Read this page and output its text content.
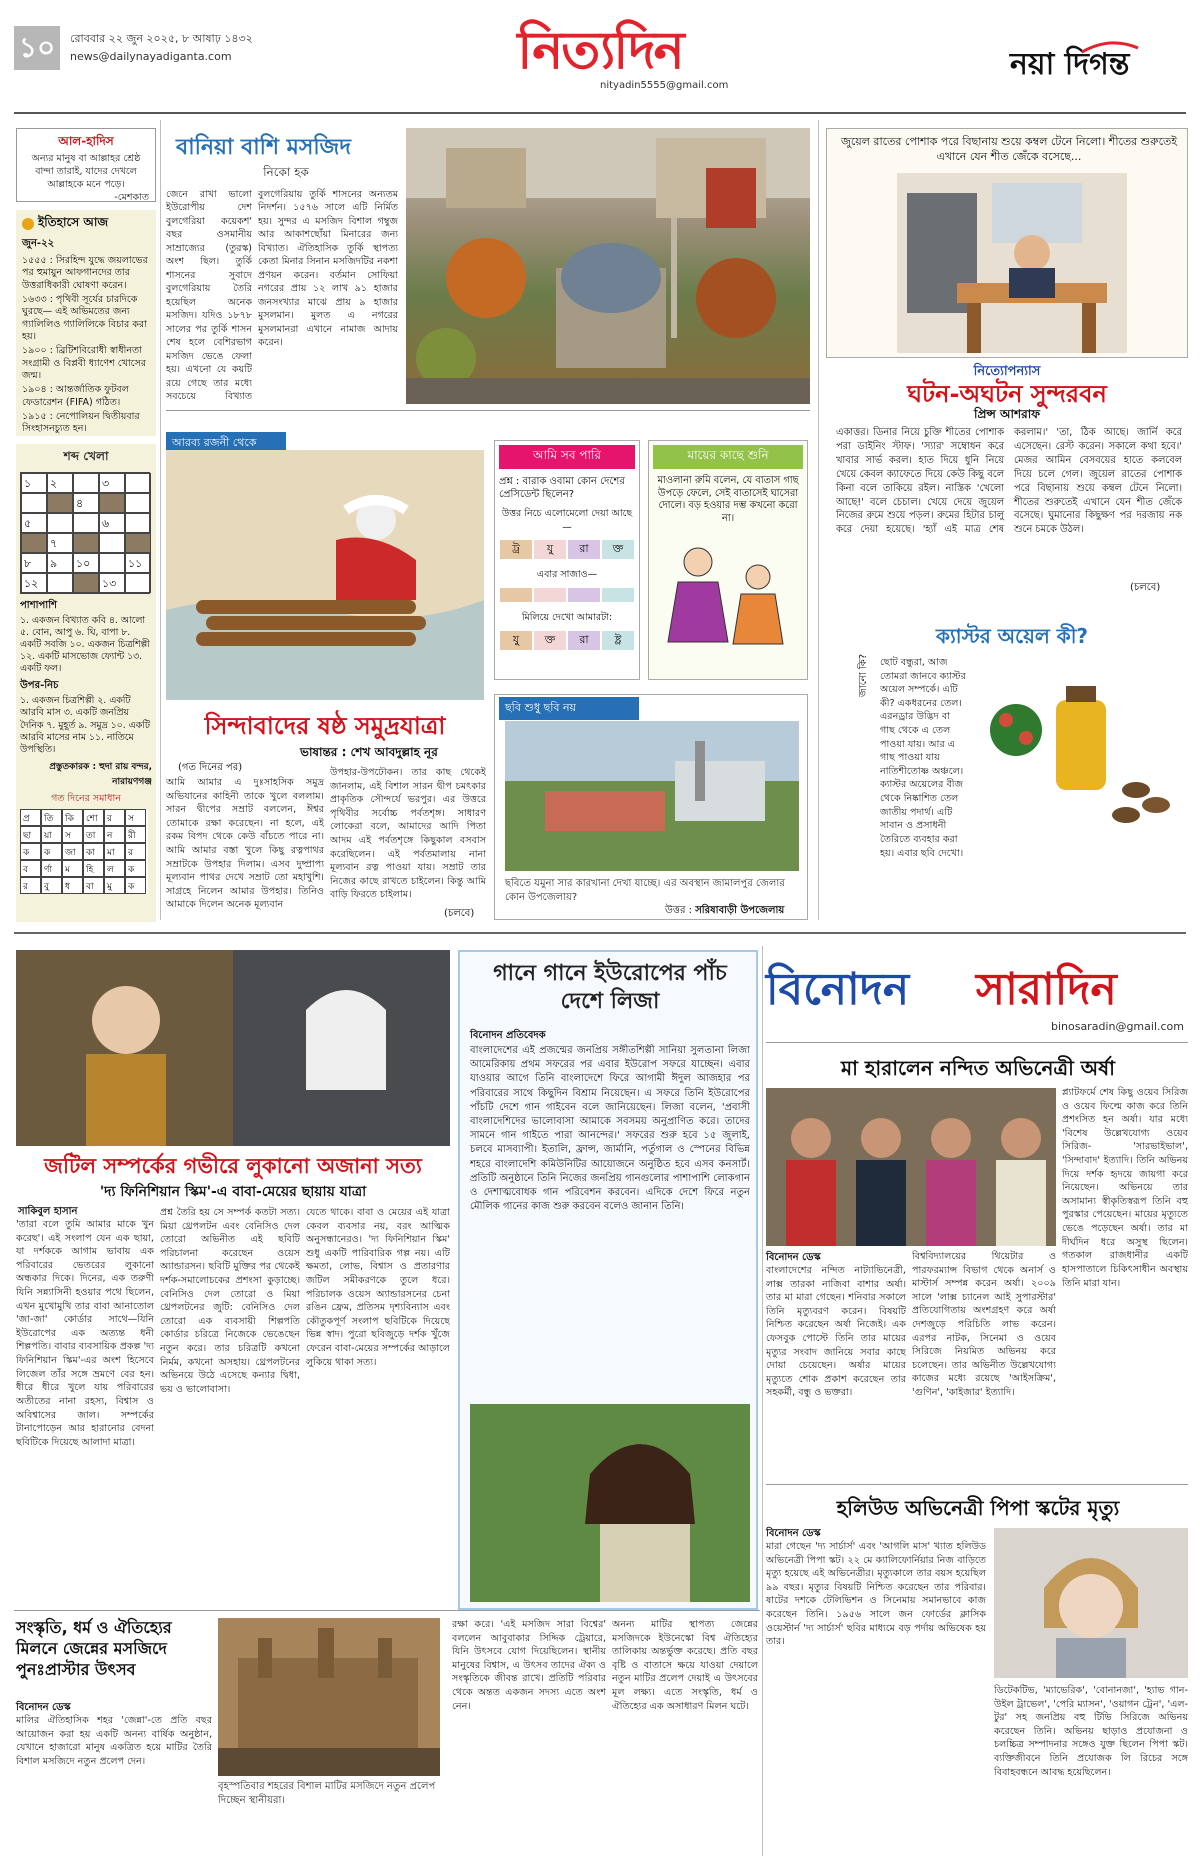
১০	রোববার ২২ জুন ২০২৫, ৮ আষাঢ় ১৪৩২
news@dailynayadiganta.com	নিত্যদিন
nityadin5555@gmail.com
নয়া দিগন্ত
আল-হাদিস
অন্যর মানুষ বা আল্লাহর শ্রেষ্ঠ বান্দা তারাই, যাদের দেখলে আল্লাহকে মনে পড়ে।
-মেশকাত
ইতিহাসে আজ
জুন-২২
১৫৫৫ : সিরহিন্দ যুদ্ধে জয়লাভের পর হুমায়ুন আফগানদের তার উত্তরাধিকারী ঘোষণা করেন।
১৬৩৩ : পৃথিবী সূর্যের চারদিকে ঘুরছে— এই অভিমতের জন্য গ্যালিলিও গ্যালিলিকে বিচার করা হয়।
১৯০০ : ব্রিটিশবিরোধী স্বাধীনতা সংগ্রামী ও বিপ্লবী ধ্যাণেশ খোসের জন্ম।
১৯০৪ : আন্তর্জাতিক ফুটবল ফেডারেশন (FIFA) গঠিত।
১৯১৫ : নেপোলিয়ন দ্বিতীয়বার সিংহাসনচ্যুত হন।
বানিয়া বাশি মসজিদ
নিকো হক
জেনে রাখা ভালো ইউরোপীয় দেশ বুলগেরিয়া কয়েকশ' বছর ওসমানীয় সাম্রাজ্যের (তুরস্ক) অংশ ছিল। তুর্কি শাসনের সুবাদে বুলগেরিয়ায় তৈরি হয়েছিল অনেক মসজিদ। যদিও ১৮৭৮ সালের পর তুর্কি শাসন শেষ হলে বেশিরভাগ মসজিদ ভেঙে ফেলা হয়। এখনো যে কয়টি রয়ে গেছে তার মধ্যে সবচেয়ে বিখ্যাত
বুলগেরিয়ায় তুর্কি শাসনের অন্যতম নিদর্শন। ১৫৭৬ সালে এটি নির্মিত হয়। সুন্দর এ মসজিদ বিশাল গম্বুজ আর আকাশছোঁয়া মিনারের জন্য বিখ্যাত। ঐতিহাসিক তুর্কি স্থাপত্য কেতা মিনার সিনান মসজিদটির নকশা প্রণয়ন করেন। বর্তমান সোফিয়া নগরের প্রায় ১২ লাখ ৯১ হাজার জনসংখ্যার মাঝে প্রায় ৯ হাজার মুসলমান। মুলত এ নগরের মুসলমানরা এখানে নামাজ আদায় করেন।
জুয়েল রাতের পোশাক পরে বিছানায় শুয়ে কম্বল টেনে নিলো। শীতের শুরুতেই এখানে যেন শীত জেঁকে বসেছে...
নিত্যোপন্যাস
ঘটন-অঘটন সুন্দরবন
প্রিন্স আশরাফ
একাত্তর। ডিনার নিয়ে চুক্তি শীতের পোশাক পরা ডাইনিং স্টাফ। 'স্যার' সম্বোধন করে খাবার সার্ভ করল। হাত দিয়ে ধুনি নিয়ে খেয়ে কেবল ক্যাফেতে দিয়ে কেউ কিছু বলে কিনা বলে তাকিয়ে রইল। নাস্তিক 'খেলো আছে!' বলে চেচাল। খেয়ে দেয়ে জুয়েল নিজের রুমে শুয়ে পড়ল। রুমের হিটার চালু করে দেয়া হয়েছে। 'হ্যাঁ এই মাত্র শেষ করলাম।' 'তা, ঠিক আছে। জার্নি করে এসেছেন। রেস্ট করেন। সকালে কথা হবে।' মেজর আমিন বেসবয়ের হাতে কলবেল দিয়ে চলে গেল। জুয়েল রাতের পোশাক পরে বিছানায় শুয়ে কম্বল টেনে নিলো। শীতের শুরুতেই এখানে যেন শীত জেঁকে বসেছে। ঘুমানোর কিছুক্ষণ পর দরজায় নক শুনে চমকে উঠল।
(চলবে)
শব্দ খেলা
১	২	৩
৪
৫	৬
৭
৮	৯	১০	১১
১২	১৩
পাশাপাশি
১. একজন বিখ্যাত কবি ৪. আলো ৫. বোন, আপু ৬. ঘি, বাপা ৮. একটি সবজি ১০. একজন চিত্রশিল্পী ১২. একটি মাসভোজ ফ্যোন্ট ১৩. একটি ফল।
উপর-নিচ
১. একজন চিত্রশিল্পী ২. একটি আরবি মাস ৩. একটি জনপ্রিয় দৈনিক ৭. মুহূর্ত ৯. সমুদ্র ১০. একটি আরবি মাসের নাম ১১. নাতিমে উপস্থিতি।
প্রস্তুতকারক : হুদা রায় বন্দর, নারায়ণগঞ্জ
গত দিনের সমাধান
প্র	তি	কি	শো	র	স
ছা	য়া	স	তা	ন	রী
ক	ক	জা	কা	মা	র
ব	র্ণা	ম	হি	ল	ক
র	বু	ধ	বা	মু	ক
আরব্য রজনী থেকে
সিন্দাবাদের ষষ্ঠ সমুদ্রযাত্রা
ভাষান্তর : শেখ আবদুল্লাহ নূর
(গত দিনের পর)
আমি আমার এ দুঃসাহসিক সমুদ্র অভিযানের কাহিনী তাকে খুলে বললাম। সারন দ্বীপের সম্রাট বললেন, ঈশ্বর তোমাকে রক্ষা করেছেন। না হলে, এই রকম বিপদ থেকে কেউ বাঁচতে পারে না। আমি আমার বস্তা খুলে কিছু রত্নপাথর সম্রাটকে উপহার দিলাম। এসব দুষ্প্রাপ্য মূল্যবান পাথর দেখে সম্রাট তো মহাখুশি। সাগ্রহে নিলেন আমার উপহার। তিনিও আমাকে দিলেন অনেক মূল্যবান
উপহার-উপঢৌকন। তার কাছ থেকেই জানলাম, এই বিশাল সারন দ্বীপ চমৎকার প্রাকৃতিক সৌন্দর্যে ভরপুর। এর উত্তরে পৃথিবীর সর্বোচ্চ পর্বতশৃঙ্গ। সাধারণ লোকেরা বলে, আমাদের আদি পিতা আদম এই পর্বতশৃঙ্গে কিছুকাল বসবাস করেছিলেন। এই পর্বতমালায় নানা মূল্যবান রত্ন পাওয়া যায়। সম্রাট তার নিজের কাছে রাখতে চাইলেন। কিন্তু আমি বাড়ি ফিরতে চাইলাম।
(চলবে)
আমি সব পারি
প্রশ্ন : বারাক ওবামা কোন দেশের প্রেসিডেন্ট ছিলেন?
উত্তর নিচে এলোমেলো দেয়া আছে—
ট্র	যু	রা	ক্ত
এবার সাজাও—
মিলিয়ে দেখো আমারটা:
যু	ক্ত	রা	ষ্ট্র
মায়ের কাছে শুনি
মাওলানা রুমি বলেন, যে বাতাস গাছ উপড়ে ফেলে, সেই বাতাসেই ঘাসেরা দোলে। বড় হওয়ার দম্ভ কখনো করো না।
ছবি শুধু ছবি নয়
ছবিতে যমুনা সার কারখানা দেখা যাচ্ছে। এর অবস্থান জামালপুর জেলার কোন উপজেলায়?
উত্তর : সরিষাবাড়ী উপজেলায়
জানো কি?
ক্যাস্টর অয়েল কী?
ছোট বন্ধুরা, আজ তোমরা জানবে ক্যাস্টর অয়েল সম্পর্কে। এটি কী? একধরনের তেল। এরনড্রার উদ্ভিদ বা গাছ থেকে এ তেল পাওয়া যায়। আর এ গাছ পাওয়া যায় নাতিশীতোষ্ণ অঞ্চলে। ক্যাস্টর অয়েলের বীজ থেকে নিষ্কাশিত তেল জাতীয় পদার্থ। এটি সাবান ও প্রসাধনী তৈরিতে ব্যবহার করা হয়। এবার ছবি দেখো।
জটিল সম্পর্কের গভীরে লুকানো অজানা সত্য
'দ্য ফিনিশিয়ান স্কিম'-এ বাবা-মেয়ের ছায়ায় যাত্রা
সাকিবুল হাসান
'তারা বলে তুমি আমার মাকে খুন করেছ'। এই সংলাপ যেন এক ছায়া, যা দর্শককে আগাম ভাবায় এক পরিবারের ভেতরের লুকানো অন্ধকার দিকে। দিনের, এক তরুণী যিনি সন্ন্যাসিনী হওয়ার পথে ছিলেন, এখন মুখোমুখি তার বাবা আনাতোল 'জা-জা' কোর্ডার সাথে—যিনি ইউরোপের এক অত্যন্ত ধনী শিল্পপতি। বাবার ব্যবসায়িক প্রকল্প 'দ্য ফিনিশিয়ান স্কিম'-এর অংশ হিসেবে লিজেল তাঁর সঙ্গে ভ্রমণে বের হন। ধীরে ধীরে খুলে যায় পরিবারের অতীতের নানা রহস্য, বিশ্বাস ও অবিশ্বাসের জাল। সম্পর্কের টানাপোড়েন আর হারানোর বেদনা ছবিটিকে দিয়েছে আলাদা মাত্রা।
প্রশ্ন তৈরি হয় সে সম্পর্ক কতটা সত্য। মিয়া থ্রেপলটন এবং বেনিসিও দেল তোরো অভিনীত এই ছবিটি পরিচালনা করেছেন ওয়েস অ্যান্ডারসন। ছবিটি মুক্তির পর থেকেই দর্শক-সমালোচকের প্রশংসা কুড়াচ্ছে। বেনিসিও দেল তোরো ও মিয়া থ্রেপলটনের জুটি: বেনিসিও দেল তোরো এক ব্যবসায়ী শিল্পপতি কোর্ডার চরিত্রে নিজেকে ভেঙেছেন নতুন করে। তার চরিত্রটি কখনো নির্মম, কখনো অসহায়। থ্রেপলটনের অভিনয়ে উঠে এসেছে কন্যার দ্বিধা, ভয় ও ভালোবাসা।
যেতে থাকে। বাবা ও মেয়ের এই যাত্রা কেবল ব্যবসার নয়, বরং আত্মিক অনুসন্ধানেরও। 'দ্য ফিনিশিয়ান স্কিম' শুধু একটি পারিবারিক গল্প নয়। এটি ক্ষমতা, লোভ, বিশ্বাস ও প্রতারণার জটিল সমীকরণকে তুলে ধরে। পরিচালক ওয়েস অ্যান্ডারসনের চেনা রঙিন ফ্রেম, প্রতিসম দৃশ্যবিন্যাস এবং কৌতুকপূর্ণ সংলাপ ছবিটিকে দিয়েছে ভিন্ন স্বাদ। পুরো ছবিজুড়ে দর্শক খুঁজে ফেরেন বাবা-মেয়ের সম্পর্কের আড়ালে লুকিয়ে থাকা সত্য।
গানে গানে ইউরোপের পাঁচ দেশে লিজা
বিনোদন প্রতিবেদক
বাংলাদেশের এই প্রজন্মের জনপ্রিয় সঙ্গীতশিল্পী সানিয়া সুলতানা লিজা আমেরিকায় প্রথম সফরের পর এবার ইউরোপ সফরে যাচ্ছেন। এবার যাওয়ার আগে তিনি বাংলাদেশে ফিরে আগামী ঈদুল আজহার পর পরিবারের সাথে কিছুদিন বিশ্রাম নিয়েছেন। এ সফরে তিনি ইউরোপের পাঁচটি দেশে গান গাইবেন বলে জানিয়েছেন। লিজা বলেন, 'প্রবাসী বাংলাদেশিদের ভালোবাসা আমাকে সবসময় অনুপ্রাণিত করে। তাদের সামনে গান গাইতে পারা আনন্দের।' সফরের শুরু হবে ১৫ জুলাই, চলবে মাসব্যাপী। ইতালি, ফ্রান্স, জার্মানি, পর্তুগাল ও স্পেনের বিভিন্ন শহরে বাংলাদেশি কমিউনিটির আয়োজনে অনুষ্ঠিত হবে এসব কনসার্ট। প্রতিটি অনুষ্ঠানে তিনি নিজের জনপ্রিয় গানগুলোর পাশাপাশি লোকগান ও দেশাত্মবোধক গান পরিবেশন করবেন। এদিকে দেশে ফিরে নতুন মৌলিক গানের কাজ শুরু করবেন বলেও জানান তিনি।
বিনোদন সারাদিন
binosaradin@gmail.com
মা হারালেন নন্দিত অভিনেত্রী অর্ষা
প্ল্যাটফর্মে শেষ কিছু ওয়েব সিরিজ ও ওয়েব ফিল্মে কাজ করে তিনি প্রশংসিত হন অর্ষা। যার মধ্যে 'বিশেষ উল্লেখযোগ্য ওয়েব সিরিজ- 'সারভাইভাল', 'সিন্দাবাদ' ইত্যাদি। তিনি অভিনয় দিয়ে দর্শক হৃদয়ে জায়গা করে নিয়েছেন। অভিনয়ে তার অসামান্য স্বীকৃতিস্বরূপ তিনি বহু পুরস্কার পেয়েছেন। মায়ের মৃত্যুতে ভেঙে পড়েছেন অর্ষা। তার মা দীর্ঘদিন ধরে অসুস্থ ছিলেন। গতকাল রাজধানীর একটি হাসপাতালে চিকিৎসাধীন অবস্থায় তিনি মারা যান।
বিনোদন ডেস্ক
বাংলাদেশের নন্দিত নাট্যাভিনেত্রী, লাক্স তারকা নাজিবা বাশার অর্ষা। তার মা মারা গেছেন। শনিবার সকালে তিনি মৃত্যুবরণ করেন। বিষয়টি নিশ্চিত করেছেন অর্ষা নিজেই। এক ফেসবুক পোস্টে তিনি তার মায়ের মৃত্যুর সংবাদ জানিয়ে সবার কাছে দোয়া চেয়েছেন। অর্ষার মায়ের মৃত্যুতে শোক প্রকাশ করেছেন তার সহকর্মী, বন্ধু ও ভক্তরা।
বিশ্ববিদ্যালয়ের থিয়েটার ও পারফরম্যান্স বিভাগ থেকে অনার্স ও মাস্টার্স সম্পন্ন করেন অর্ষা। ২০০৯ সালে 'লাক্স চ্যানেল আই সুপারস্টার' প্রতিযোগিতায় অংশগ্রহণ করে অর্ষা দেশজুড়ে পরিচিতি লাভ করেন। এরপর নাটক, সিনেমা ও ওয়েব সিরিজে নিয়মিত অভিনয় করে চলেছেন। তার অভিনীত উল্লেখযোগ্য কাজের মধ্যে রয়েছে 'আইসক্রিম', 'গুণিন', 'কাইজার' ইত্যাদি।
হলিউড অভিনেত্রী পিপা স্কটের মৃত্যু
বিনোদন ডেস্ক
মারা গেছেন 'দ্য সার্চার্স' এবং 'আগলি মাস' খ্যাত হলিউড অভিনেত্রী পিপা স্কট। ২২ মে ক্যালিফোর্নিয়ার নিজ বাড়িতে মৃত্যু হয়েছে এই অভিনেত্রীর। মৃত্যুকালে তার বয়স হয়েছিল ৯৯ বছর। মৃত্যুর বিষয়টি নিশ্চিত করেছেন তার পরিবার। ষাটের দশকে টেলিভিশন ও সিনেমায় সমানভাবে কাজ করেছেন তিনি। ১৯৫৬ সালে জন ফোর্ডের ক্লাসিক ওয়েস্টার্ন 'দ্য সার্চার্স' ছবির মাধ্যমে বড় পর্দায় অভিষেক হয় তার।
ডিটেকটিভ, 'ম্যাভেরিক', 'বোনানজা', 'হ্যাভ গান-উইল ট্রাভেল', 'পেরি ম্যাসন', 'ওয়াগন ট্রেন', 'এল-টুর' সহ জনপ্রিয় বহু টিভি সিরিজে অভিনয় করেছেন তিনি। অভিনয় ছাড়াও প্রযোজনা ও চলচ্চিত্র সম্পাদনার সঙ্গেও যুক্ত ছিলেন পিপা স্কট। ব্যক্তিজীবনে তিনি প্রযোজক লি রিচের সঙ্গে বিবাহবন্ধনে আবদ্ধ হয়েছিলেন।
সংস্কৃতি, ধর্ম ও ঐতিহ্যের মিলনে জেন্নের মসজিদে পুনঃপ্রাস্টার উৎসব
বিনোদন ডেস্ক
মালির ঐতিহাসিক শহর 'জেন্না'-তে প্রতি বছর আয়োজন করা হয় একটি অনন্য বার্ষিক অনুষ্ঠান, যেখানে হাজারো মানুষ একত্রিত হয়ে মাটির তৈরি বিশাল মসজিদে নতুন প্রলেপ দেন।
বৃহস্পতিবার শহরের বিশাল মাটির মসজিদে নতুন প্রলেপ দিচ্ছেন স্থানীয়রা।
রক্ষা করে। 'এই মসজিদ সারা বিশ্বের' বললেন আবুবাকার সিদ্দিক ট্রেয়ারে, যিনি উৎসবে যোগ দিয়েছিলেন। স্থানীয় মানুষের বিশ্বাস, এ উৎসব তাদের ঐক্য ও সংস্কৃতিকে জীবন্ত রাখে। প্রতিটি পরিবার থেকে অন্তত একজন সদস্য এতে অংশ নেন।
অনন্য মাটির স্থাপত্য জেন্নের মসজিদকে ইউনেস্কো বিশ্ব ঐতিহ্যের তালিকায় অন্তর্ভুক্ত করেছে। প্রতি বছর বৃষ্টি ও বাতাসে ক্ষয়ে যাওয়া দেয়ালে নতুন মাটির প্রলেপ দেয়াই এ উৎসবের মূল লক্ষ্য। এতে সংস্কৃতি, ধর্ম ও ঐতিহ্যের এক অসাধারণ মিলন ঘটে।
